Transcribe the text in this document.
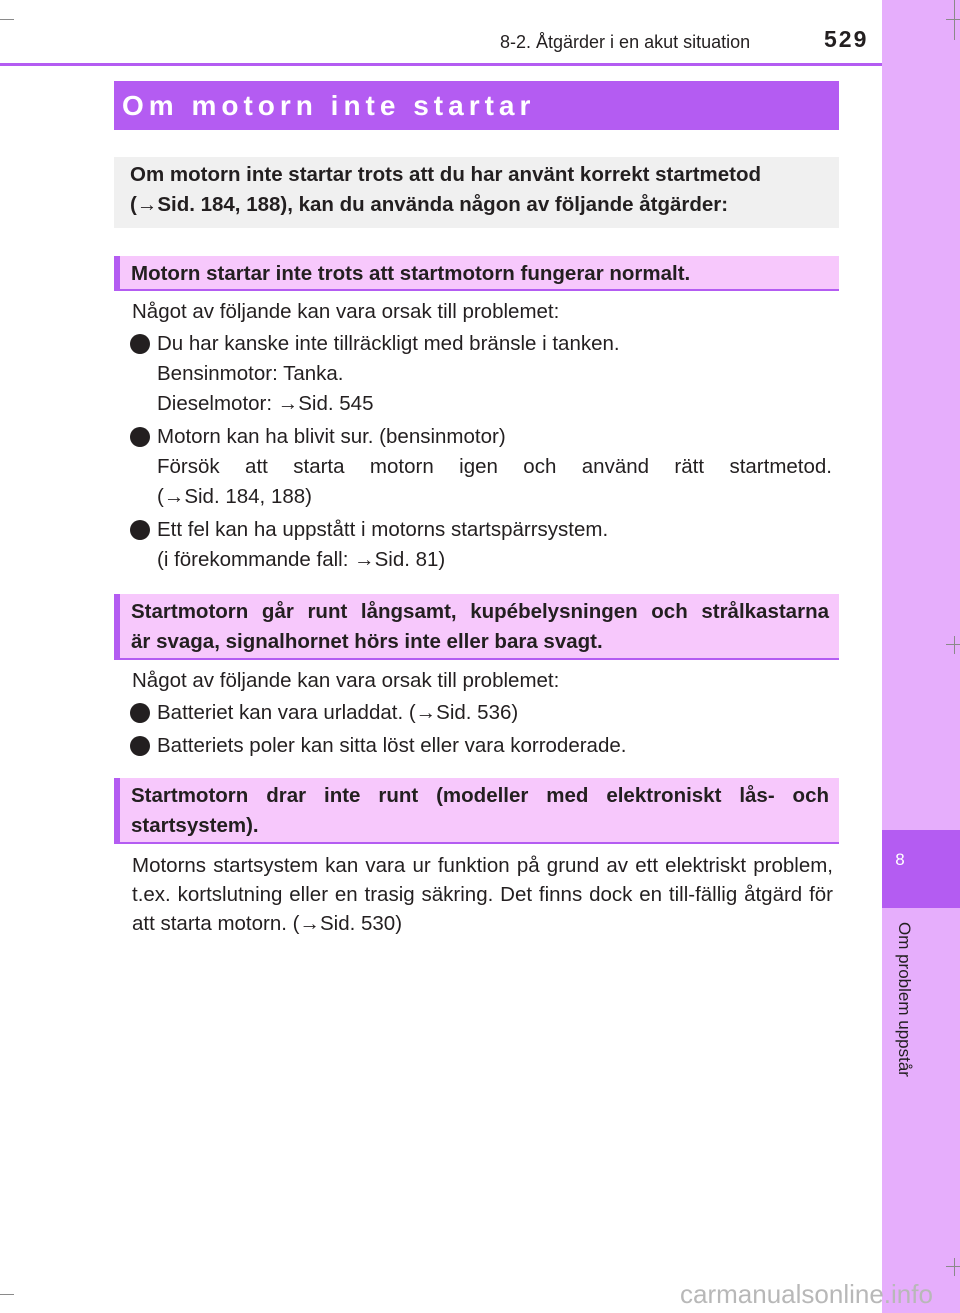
8
Om problem uppstår
8-2. Åtgärder i en akut situation	529
Om motorn inte startar
Om motorn inte startar trots att du har använt korrekt startmetod
(→Sid. 184, 188), kan du använda någon av följande åtgärder:
Motorn startar inte trots att startmotorn fungerar normalt.
Något av följande kan vara orsak till problemet:
Du har kanske inte tillräckligt med bränsle i tanken.
Bensinmotor: Tanka.
Dieselmotor: →Sid. 545
Motorn kan ha blivit sur. (bensinmotor)
Försök att starta motorn igen och använd rätt startmetod.
(→Sid. 184, 188)
Ett fel kan ha uppstått i motorns startspärrsystem.
(i förekommande fall: →Sid. 81)
Startmotorn går runt långsamt, kupébelysningen och strålkastarna
är svaga, signalhornet hörs inte eller bara svagt.
Något av följande kan vara orsak till problemet:
Batteriet kan vara urladdat. (→Sid. 536)
Batteriets poler kan sitta löst eller vara korroderade.
Startmotorn drar inte runt (modeller med elektroniskt lås- och
startsystem).
Motorns startsystem kan vara ur funktion på grund av ett elektriskt problem, t.ex. kortslutning eller en trasig säkring. Det finns dock en till-fällig åtgärd för att starta motorn. (→Sid. 530)
carmanualsonline.info
